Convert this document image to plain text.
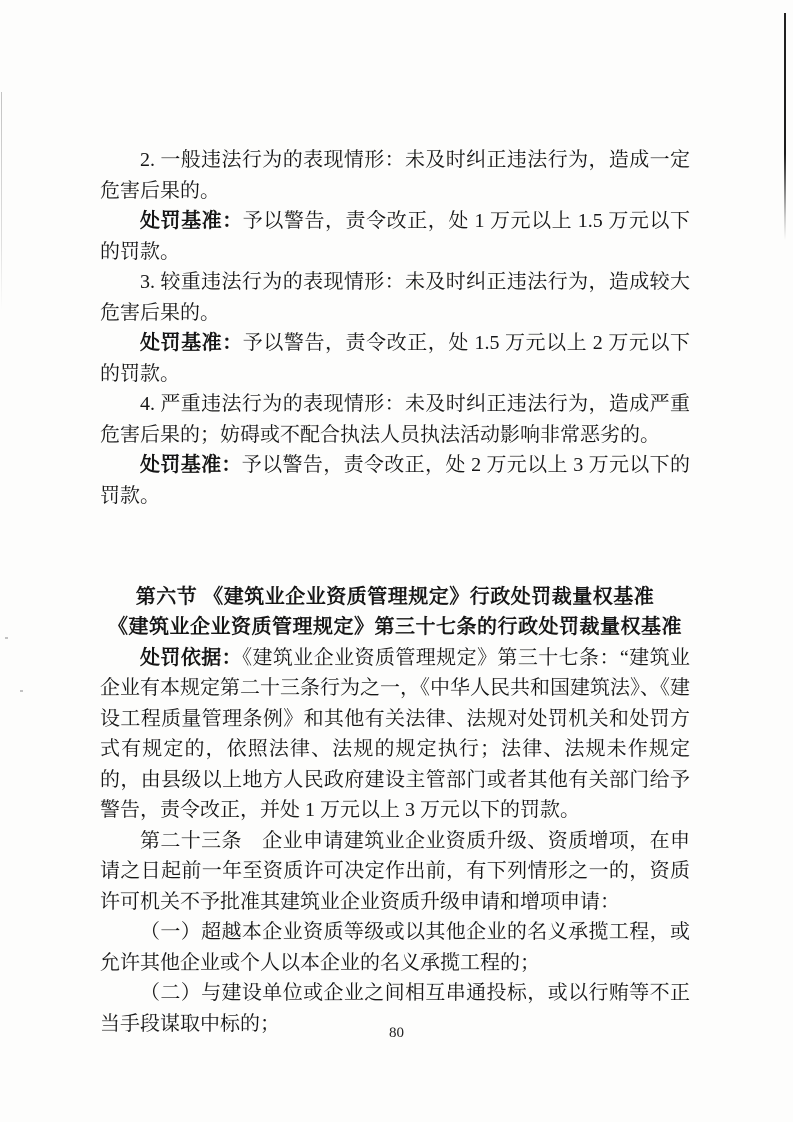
2. 一般违法行为的表现情形：未及时纠正违法行为，造成一定危害后果的。

处罚基准：予以警告，责令改正，处 1 万元以上 1.5 万元以下的罚款。

3. 较重违法行为的表现情形：未及时纠正违法行为，造成较大危害后果的。

处罚基准：予以警告，责令改正，处 1.5 万元以上 2 万元以下的罚款。

4. 严重违法行为的表现情形：未及时纠正违法行为，造成严重危害后果的；妨碍或不配合执法人员执法活动影响非常恶劣的。

处罚基准：予以警告，责令改正，处 2 万元以上 3 万元以下的罚款。

第六节 《建筑业企业资质管理规定》行政处罚裁量权基准

《建筑业企业资质管理规定》第三十七条的行政处罚裁量权基准

处罚依据：《建筑业企业资质管理规定》第三十七条：“建筑业企业有本规定第二十三条行为之一，《中华人民共和国建筑法》、《建设工程质量管理条例》和其他有关法律、法规对处罚机关和处罚方式有规定的，依照法律、法规的规定执行；法律、法规未作规定的，由县级以上地方人民政府建设主管部门或者其他有关部门给予警告，责令改正，并处 1 万元以上 3 万元以下的罚款。

第二十三条　企业申请建筑业企业资质升级、资质增项，在申请之日起前一年至资质许可决定作出前，有下列情形之一的，资质许可机关不予批准其建筑业企业资质升级申请和增项申请：

（一）超越本企业资质等级或以其他企业的名义承揽工程，或允许其他企业或个人以本企业的名义承揽工程的；

（二）与建设单位或企业之间相互串通投标，或以行贿等不正当手段谋取中标的；	80
